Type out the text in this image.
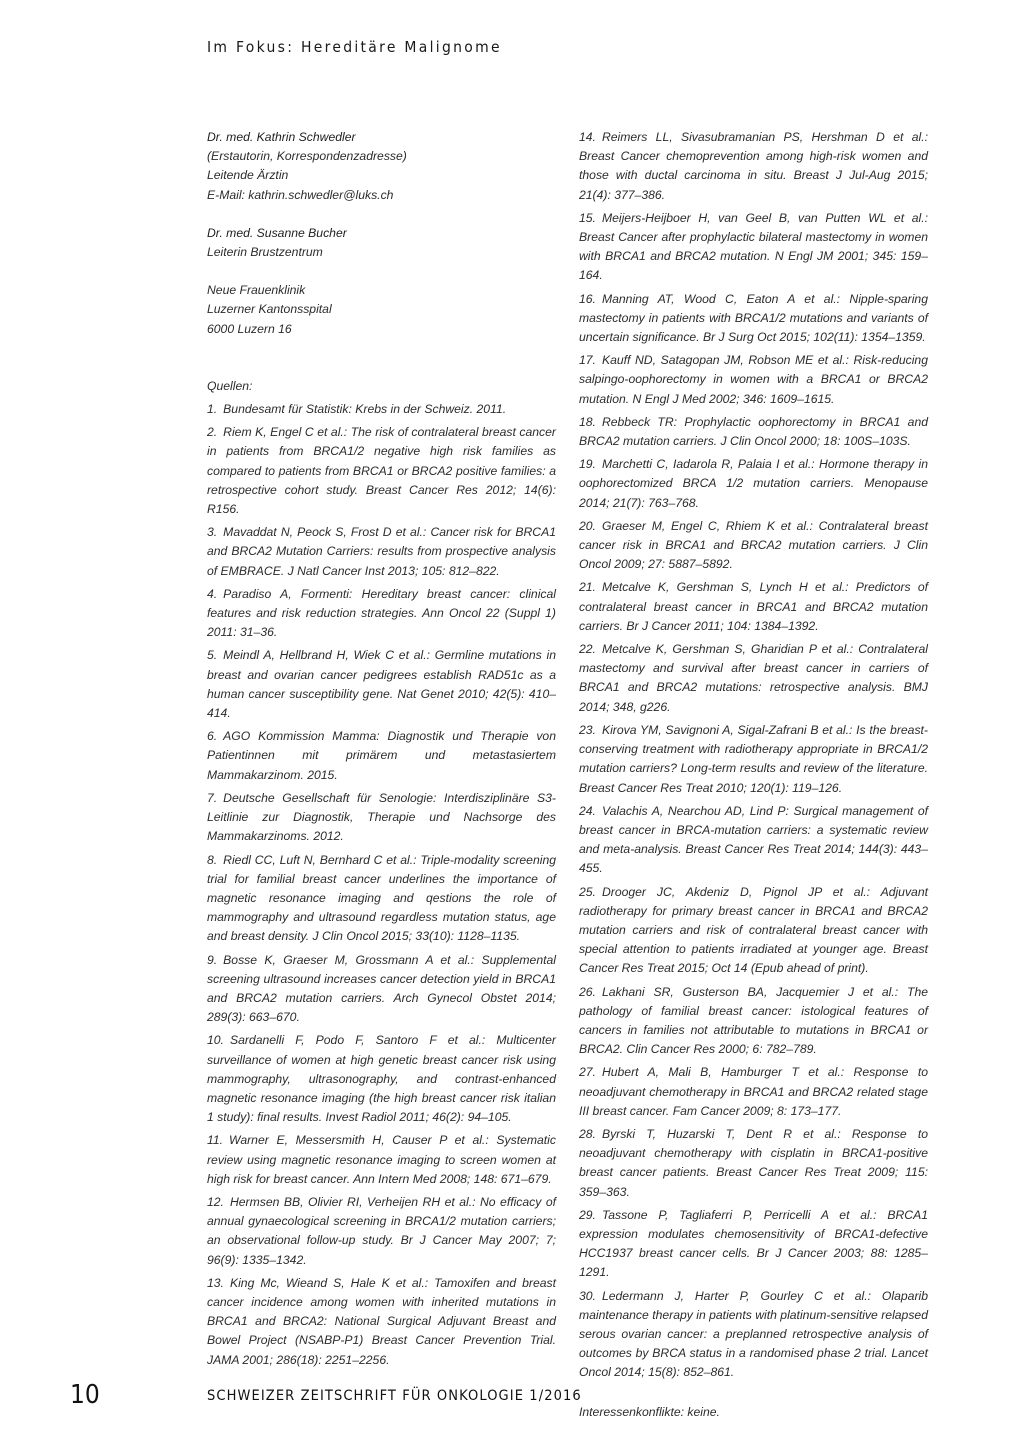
Im Fokus: Hereditäre Malignome
Dr. med. Kathrin Schwedler
(Erstautorin, Korrespondenzadresse)
Leitende Ärztin
E-Mail: kathrin.schwedler@luks.ch
Dr. med. Susanne Bucher
Leiterin Brustzentrum
Neue Frauenklinik
Luzerner Kantonsspital
6000 Luzern 16
Quellen:
1. Bundesamt für Statistik: Krebs in der Schweiz. 2011.
2. Riem K, Engel C et al.: The risk of contralateral breast cancer in patients from BRCA1/2 negative high risk families as compared to patients from BRCA1 or BRCA2 positive families: a retrospective cohort study. Breast Cancer Res 2012; 14(6): R156.
3. Mavaddat N, Peock S, Frost D et al.: Cancer risk for BRCA1 and BRCA2 Mutation Carriers: results from prospective analysis of EMBRACE. J Natl Cancer Inst 2013; 105: 812–822.
4. Paradiso A, Formenti: Hereditary breast cancer: clinical features and risk reduction strategies. Ann Oncol 22 (Suppl 1) 2011: 31–36.
5. Meindl A, Hellbrand H, Wiek C et al.: Germline mutations in breast and ovarian cancer pedigrees establish RAD51c as a human cancer susceptibility gene. Nat Genet 2010; 42(5): 410–414.
6. AGO Kommission Mamma: Diagnostik und Therapie von Patientinnen mit primärem und metastasiertem Mammakarzinom. 2015.
7. Deutsche Gesellschaft für Senologie: Interdisziplinäre S3-Leitlinie zur Diagnostik, Therapie und Nachsorge des Mammakarzinoms. 2012.
8. Riedl CC, Luft N, Bernhard C et al.: Triple-modality screening trial for familial breast cancer underlines the importance of magnetic resonance imaging and qestions the role of mammography and ultrasound regardless mutation status, age and breast density. J Clin Oncol 2015; 33(10): 1128–1135.
9. Bosse K, Graeser M, Grossmann A et al.: Supplemental screening ultrasound increases cancer detection yield in BRCA1 and BRCA2 mutation carriers. Arch Gynecol Obstet 2014; 289(3): 663–670.
10. Sardanelli F, Podo F, Santoro F et al.: Multicenter surveillance of women at high genetic breast cancer risk using mammography, ultrasonography, and contrast-enhanced magnetic resonance imaging (the high breast cancer risk italian 1 study): final results. Invest Radiol 2011; 46(2): 94–105.
11. Warner E, Messersmith H, Causer P et al.: Systematic review using magnetic resonance imaging to screen women at high risk for breast cancer. Ann Intern Med 2008; 148: 671–679.
12. Hermsen BB, Olivier RI, Verheijen RH et al.: No efficacy of annual gynaecological screening in BRCA1/2 mutation carriers; an observational follow-up study. Br J Cancer May 2007; 7; 96(9): 1335–1342.
13. King Mc, Wieand S, Hale K et al.: Tamoxifen and breast cancer incidence among women with inherited mutations in BRCA1 and BRCA2: National Surgical Adjuvant Breast and Bowel Project (NSABP-P1) Breast Cancer Prevention Trial. JAMA 2001; 286(18): 2251–2256.
14. Reimers LL, Sivasubramanian PS, Hershman D et al.: Breast Cancer chemoprevention among high-risk women and those with ductal carcinoma in situ. Breast J Jul-Aug 2015; 21(4): 377–386.
15. Meijers-Heijboer H, van Geel B, van Putten WL et al.: Breast Cancer after prophylactic bilateral mastectomy in women with BRCA1 and BRCA2 mutation. N Engl JM 2001; 345: 159–164.
16. Manning AT, Wood C, Eaton A et al.: Nipple-sparing mastectomy in patients with BRCA1/2 mutations and variants of uncertain significance. Br J Surg Oct 2015; 102(11): 1354–1359.
17. Kauff ND, Satagopan JM, Robson ME et al.: Risk-reducing salpingo-oophorectomy in women with a BRCA1 or BRCA2 mutation. N Engl J Med 2002; 346: 1609–1615.
18. Rebbeck TR: Prophylactic oophorectomy in BRCA1 and BRCA2 mutation carriers. J Clin Oncol 2000; 18: 100S–103S.
19. Marchetti C, Iadarola R, Palaia I et al.: Hormone therapy in oophorectomized BRCA 1/2 mutation carriers. Menopause 2014; 21(7): 763–768.
20. Graeser M, Engel C, Rhiem K et al.: Contralateral breast cancer risk in BRCA1 and BRCA2 mutation carriers. J Clin Oncol 2009; 27: 5887–5892.
21. Metcalve K, Gershman S, Lynch H et al.: Predictors of contralateral breast cancer in BRCA1 and BRCA2 mutation carriers. Br J Cancer 2011; 104: 1384–1392.
22. Metcalve K, Gershman S, Gharidian P et al.: Contralateral mastectomy and survival after breast cancer in carriers of BRCA1 and BRCA2 mutations: retrospective analysis. BMJ 2014; 348, g226.
23. Kirova YM, Savignoni A, Sigal-Zafrani B et al.: Is the breast-conserving treatment with radiotherapy appropriate in BRCA1/2 mutation carriers? Long-term results and review of the literature. Breast Cancer Res Treat 2010; 120(1): 119–126.
24. Valachis A, Nearchou AD, Lind P: Surgical management of breast cancer in BRCA-mutation carriers: a systematic review and meta-analysis. Breast Cancer Res Treat 2014; 144(3): 443–455.
25. Drooger JC, Akdeniz D, Pignol JP et al.: Adjuvant radiotherapy for primary breast cancer in BRCA1 and BRCA2 mutation carriers and risk of contralateral breast cancer with special attention to patients irradiated at younger age. Breast Cancer Res Treat 2015; Oct 14 (Epub ahead of print).
26. Lakhani SR, Gusterson BA, Jacquemier J et al.: The pathology of familial breast cancer: istological features of cancers in families not attributable to mutations in BRCA1 or BRCA2. Clin Cancer Res 2000; 6: 782–789.
27. Hubert A, Mali B, Hamburger T et al.: Response to neoadjuvant chemotherapy in BRCA1 and BRCA2 related stage III breast cancer. Fam Cancer 2009; 8: 173–177.
28. Byrski T, Huzarski T, Dent R et al.: Response to neoadjuvant chemotherapy with cisplatin in BRCA1-positive breast cancer patients. Breast Cancer Res Treat 2009; 115: 359–363.
29. Tassone P, Tagliaferri P, Perricelli A et al.: BRCA1 expression modulates chemosensitivity of BRCA1-defective HCC1937 breast cancer cells. Br J Cancer 2003; 88: 1285–1291.
30. Ledermann J, Harter P, Gourley C et al.: Olaparib maintenance therapy in patients with platinum-sensitive relapsed serous ovarian cancer: a preplanned retrospective analysis of outcomes by BRCA status in a randomised phase 2 trial. Lancet Oncol 2014; 15(8): 852–861.
Interessenkonflikte: keine.
10	SCHWEIZER ZEITSCHRIFT FÜR ONKOLOGIE 1/2016
